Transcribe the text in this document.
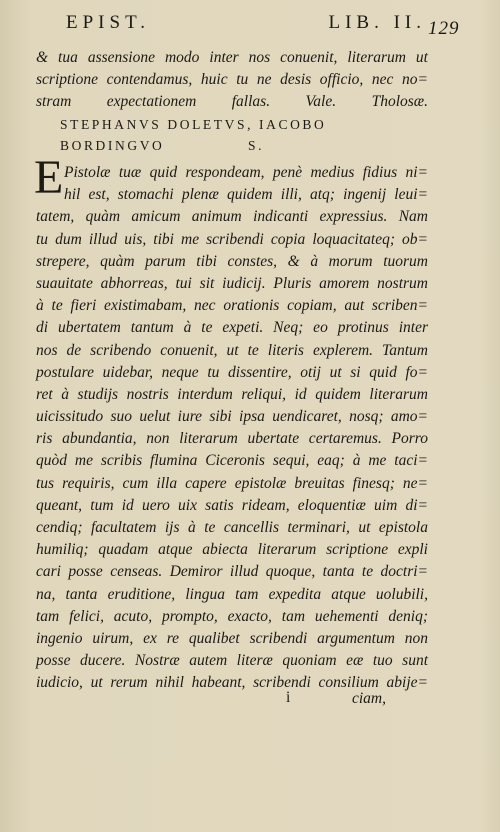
EPIST.	LIB. II. 129
& tua assensione modo inter nos conuenit, literarum ut
scriptione contendamus, huic tu ne desis officio, nec no=
stram expectationem fallas. Vale. Tholosæ.
STEPHANVS DOLETVS, IACOBO
BORDINGVO	S.
E Pistolæ tuæ quid respondeam, penè medius fidius ni=
hil est, stomachi plenæ quidem illi, atq; ingenij leui=
tatem, quàm amicum animum indicanti expressius. Nam
tu dum illud uis, tibi me scribendi copia loquacitateq; ob=
strepere, quàm parum tibi constes, & à morum tuorum
suauitate abhorreas, tui sit iudicij. Pluris amorem nostrum
à te fieri existimabam, nec orationis copiam, aut scriben=
di ubertatem tantum à te expeti. Neq; eo protinus inter
nos de scribendo conuenit, ut te literis explerem. Tantum
postulare uidebar, neque tu dissentire, otij ut si quid fo=
ret à studijs nostris interdum reliqui, id quidem literarum
uicissitudo suo uelut iure sibi ipsa uendicaret, nosq; amo=
ris abundantia, non literarum ubertate certaremus. Porro
quòd me scribis flumina Ciceronis sequi, eaq; à me taci=
tus requiris, cum illa capere epistolæ breuitas finesq; ne=
queant, tum id uero uix satis rideam, eloquentiæ uim di=
cendiq; facultatem ijs à te cancellis terminari, ut epistola
humiliq; quadam atque abiecta literarum scriptione expli
cari posse censeas. Demiror illud quoque, tanta te doctri=
na, tanta eruditione, lingua tam expedita atque uolubili,
tam felici, acuto, prompto, exacto, tam uehementi deniq;
ingenio uirum, ex re qualibet scribendi argumentum non
posse ducere. Nostræ autem literæ quoniam eæ tuo sunt
iudicio, ut rerum nihil habeant, scribendi consilium abije=
i	ciam,
